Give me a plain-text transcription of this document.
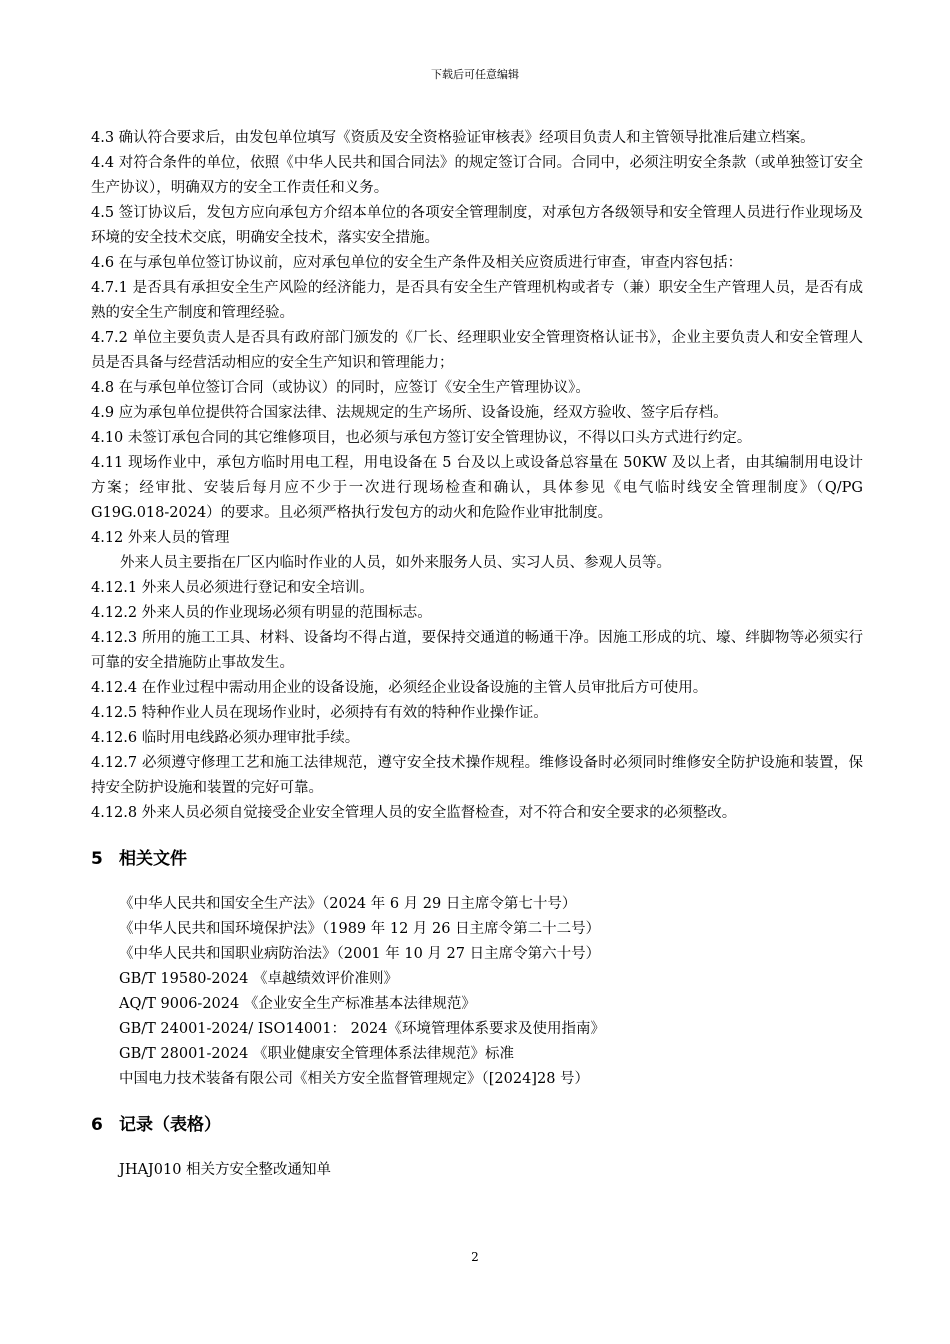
下载后可任意编辑

4.3 确认符合要求后，由发包单位填写《资质及安全资格验证审核表》经项目负责人和主管领导批准后建立档案。

4.4 对符合条件的单位，依照《中华人民共和国合同法》的规定签订合同。合同中，必须注明安全条款（或单独签订安全生产协议），明确双方的安全工作责任和义务。

4.5 签订协议后，发包方应向承包方介绍本单位的各项安全管理制度，对承包方各级领导和安全管理人员进行作业现场及环境的安全技术交底，明确安全技术，落实安全措施。

4.6 在与承包单位签订协议前，应对承包单位的安全生产条件及相关应资质进行审查，审查内容包括：

4.7.1 是否具有承担安全生产风险的经济能力，是否具有安全生产管理机构或者专（兼）职安全生产管理人员，是否有成熟的安全生产制度和管理经验。

4.7.2 单位主要负责人是否具有政府部门颁发的《厂长、经理职业安全管理资格认证书》，企业主要负责人和安全管理人员是否具备与经营活动相应的安全生产知识和管理能力；

4.8 在与承包单位签订合同（或协议）的同时，应签订《安全生产管理协议》。

4.9 应为承包单位提供符合国家法律、法规规定的生产场所、设备设施，经双方验收、签字后存档。

4.10 未签订承包合同的其它维修项目，也必须与承包方签订安全管理协议，不得以口头方式进行约定。

4.11 现场作业中，承包方临时用电工程，用电设备在 5 台及以上或设备总容量在 50KW 及以上者，由其编制用电设计方案；经审批、安装后每月应不少于一次进行现场检查和确认，具体参见《电气临时线安全管理制度》（Q/PG G19G.018-2024）的要求。且必须严格执行发包方的动火和危险作业审批制度。

4.12 外来人员的管理

外来人员主要指在厂区内临时作业的人员，如外来服务人员、实习人员、参观人员等。

4.12.1 外来人员必须进行登记和安全培训。

4.12.2 外来人员的作业现场必须有明显的范围标志。

4.12.3 所用的施工工具、材料、设备均不得占道，要保持交通道的畅通干净。因施工形成的坑、壕、绊脚物等必须实行可靠的安全措施防止事故发生。

4.12.4 在作业过程中需动用企业的设备设施，必须经企业设备设施的主管人员审批后方可使用。

4.12.5 特种作业人员在现场作业时，必须持有有效的特种作业操作证。

4.12.6 临时用电线路必须办理审批手续。

4.12.7 必须遵守修理工艺和施工法律规范，遵守安全技术操作规程。维修设备时必须同时维修安全防护设施和装置，保持安全防护设施和装置的完好可靠。

4.12.8 外来人员必须自觉接受企业安全管理人员的安全监督检查，对不符合和安全要求的必须整改。

5 相关文件

《中华人民共和国安全生产法》（2024 年 6 月 29 日主席令第七十号）

《中华人民共和国环境保护法》（1989 年 12 月 26 日主席令第二十二号）

《中华人民共和国职业病防治法》（2001 年 10 月 27 日主席令第六十号）

GB/T 19580-2024 《卓越绩效评价准则》

AQ/T 9006-2024 《企业安全生产标准基本法律规范》

GB/T 24001-2024/ ISO14001： 2024《环境管理体系要求及使用指南》

GB/T 28001-2024 《职业健康安全管理体系法律规范》标准

中国电力技术装备有限公司《相关方安全监督管理规定》（[2024]28 号）

6 记录（表格）

JHAJ010 相关方安全整改通知单

2
